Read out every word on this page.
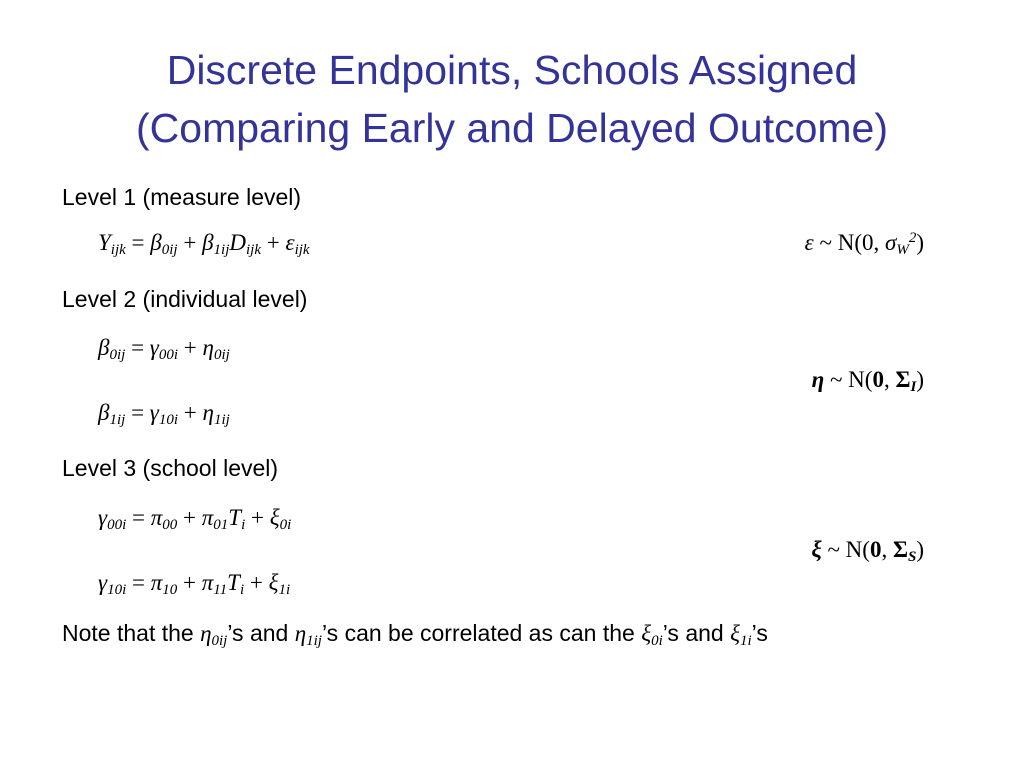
Discrete Endpoints, Schools Assigned
(Comparing Early and Delayed Outcome)
Level 1 (measure level)
$Y_{ijk} = \beta_{0ij} + \beta_{1ij}D_{ijk} + \varepsilon_{ijk}$	ε ~ N(0, $\sigma_W^2$)
Level 2 (individual level)
$\beta_{0ij} = \gamma_{00i} + \eta_{0ij}$
η ~ N(0, $\Sigma_I$)
$\beta_{1ij} = \gamma_{10i} + \eta_{1ij}$
Level 3 (school level)
$\gamma_{00i} = \pi_{00} + \pi_{01}T_i + \xi_{0i}$
ξ ~ N(0, $\Sigma_S$)
$\gamma_{10i} = \pi_{10} + \pi_{11}T_i + \xi_{1i}$
Note that the $\eta_{0ij}’s$ and $\eta_{1ij}’s$ can be correlated as can the $\xi_{0i}’s$ and $\xi_{1i}’s$
